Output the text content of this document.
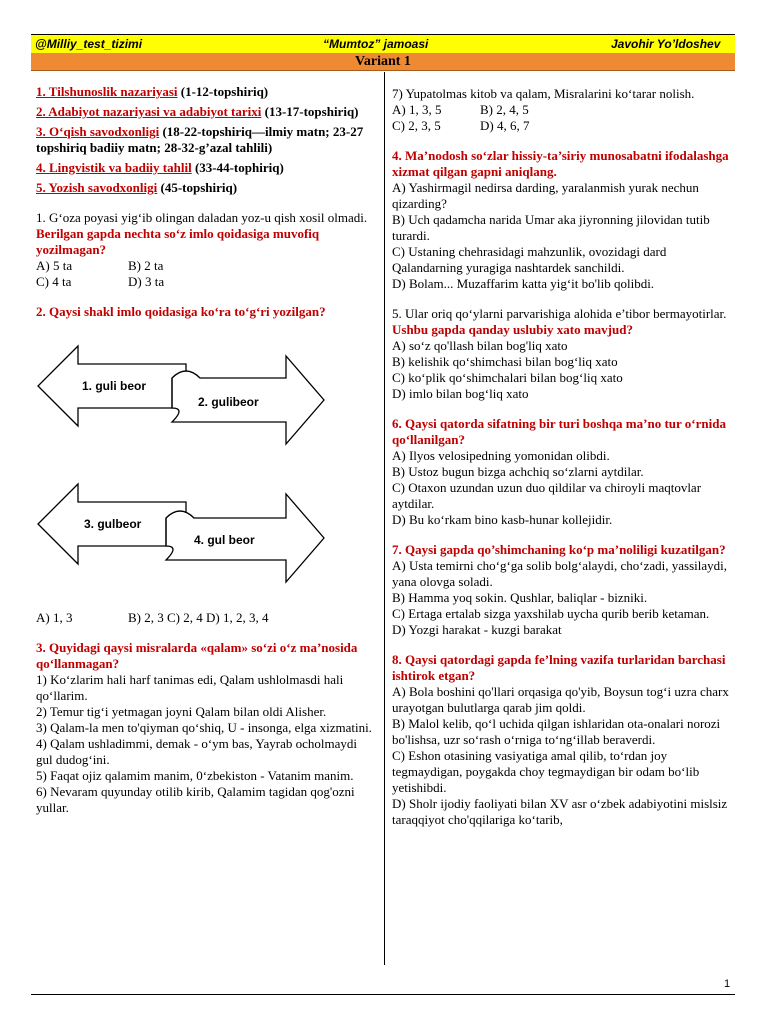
@Milliy_test_tizimi	“Mumtoz” jamoasi	Javohir Yo’ldoshev
Variant 1

1. Tilshunoslik nazariyasi (1-12-topshiriq)

2. Adabiyot nazariyasi va adabiyot tarixi (13-17-topshiriq)

3. O‘qish savodxonligi (18-22-topshiriq—ilmiy matn; 23-27 topshiriq badiiy matn; 28-32-g’azal tahlili)

4. Lingvistik va badiiy tahlil (33-44-tophiriq)

5. Yozish savodxonligi (45-topshiriq)

1. G‘oza poyasi yig‘ib olingan daladan yoz-u qish xosil olmadi.

Berilgan gapda nechta so‘z imlo qoidasiga muvofiq yozilmagan?

A) 5 ta	B) 2 ta
C) 4 ta	D) 3 ta

2. Qaysi shakl imlo qoidasiga ko‘ra to‘g‘ri yozilgan?

1. guli beor
2. gulibeor
3. gulbeor
4. gul beor
A) 1, 3	B) 2, 3 C) 2, 4 D) 1, 2, 3, 4

3. Quyidagi qaysi misralarda «qalam» so‘zi o‘z ma’nosida qo‘llanmagan?

1) Ko‘zlarim hali harf tanimas edi, Qalam ushlolmasdi hali qo‘llarim.

2) Temur tig‘i yetmagan joyni Qalam bilan oldi Alisher.

3) Qalam-la men to'qiyman qo‘shiq, U - insonga, elga xizmatini.

4) Qalam ushladimmi, demak - o‘ym bas, Yayrab ocholmaydi gul dudog‘ini.

5) Faqat ojiz qalamim manim, 0‘zbekiston - Vatanim manim.

6) Nevaram quyunday otilib kirib, Qalamim tagidan qog'ozni yullar.

7) Yupatolmas kitob va qalam, Misralarini ko‘tarar nolish.

A) 1, 3, 5	B) 2, 4, 5
C) 2, 3, 5	D) 4, 6, 7

4. Ma’nodosh so‘zlar hissiy-ta’siriy munosabatni ifodalashga xizmat qilgan gapni aniqlang.

A) Yashirmagil nedirsa darding, yaralanmish yurak nechun qizarding?

B) Uch qadamcha narida Umar aka jiyronning jilovidan tutib turardi.

C) Ustaning chehrasidagi mahzunlik, ovozidagi dard Qalandarning yuragiga nashtardek sanchildi.

D) Bolam... Muzaffarim katta yig‘it bo'lib qolibdi.

5. Ular oriq qo‘ylarni parvarishiga alohida e’tibor bermayotirlar.

Ushbu gapda qanday uslubiy xato mavjud?

A) so‘z qo'llash bilan bog'liq xato

B) kelishik qo‘shimchasi bilan bog‘liq xato

C) ko‘plik qo‘shimchalari bilan bog‘liq xato

D) imlo bilan bog‘liq xato

6. Qaysi qatorda sifatning bir turi boshqa ma’no tur o‘rnida qo‘llanilgan?

A) Ilyos velosipedning yomonidan olibdi.

B) Ustoz bugun bizga achchiq so‘zlarni aytdilar.

C) Otaxon uzundan uzun duo qildilar va chiroyli maqtovlar aytdilar.

D) Bu ko‘rkam bino kasb-hunar kollejidir.

7. Qaysi gapda qo’shimchaning ko‘p ma’noliligi kuzatilgan?

A) Usta temirni cho‘g‘ga solib bolg‘alaydi, cho‘zadi, yassilaydi, yana olovga soladi.

B) Hamma yoq sokin. Qushlar, baliqlar - bizniki.

C) Ertaga ertalab sizga yaxshilab uycha qurib berib ketaman.

D) Yozgi harakat - kuzgi barakat

8. Qaysi qatordagi gapda fe’lning vazifa turlaridan barchasi ishtirok etgan?

A) Bola boshini qo'llari orqasiga qo'yib, Boysun tog‘i uzra charx urayotgan bulutlarga qarab jim qoldi.

B) Malol kelib, qo‘l uchida qilgan ishlaridan ota-onalari norozi bo'lishsa, uzr so‘rash o‘rniga to‘ng‘illab beraverdi.

C) Eshon otasining vasiyatiga amal qilib, to‘rdan joy tegmaydigan, poygakda choy tegmaydigan bir odam bo‘lib yetishibdi.

D) Sholr ijodiy faoliyati bilan XV asr o‘zbek adabiyotini mislsiz taraqqiyot cho'qqilariga ko‘tarib,

1
